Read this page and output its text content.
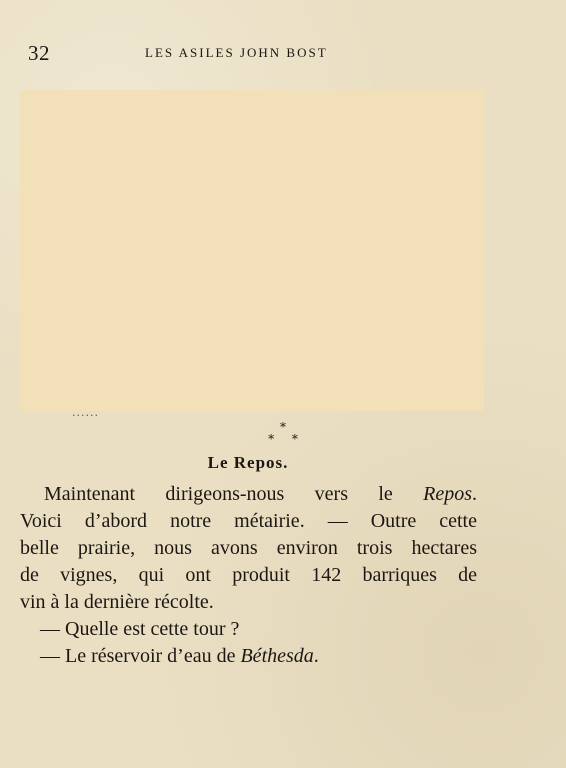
32	LES ASILES JOHN BOST
......
*
* *
Le Repos.
Maintenant dirigeons-nous vers le Repos.
Voici d’abord notre métairie. — Outre cette
belle prairie, nous avons environ trois hectares
de vignes, qui ont produit 142 barriques de
vin à la dernière récolte.
— Quelle est cette tour ?
— Le réservoir d’eau de Béthesda.
